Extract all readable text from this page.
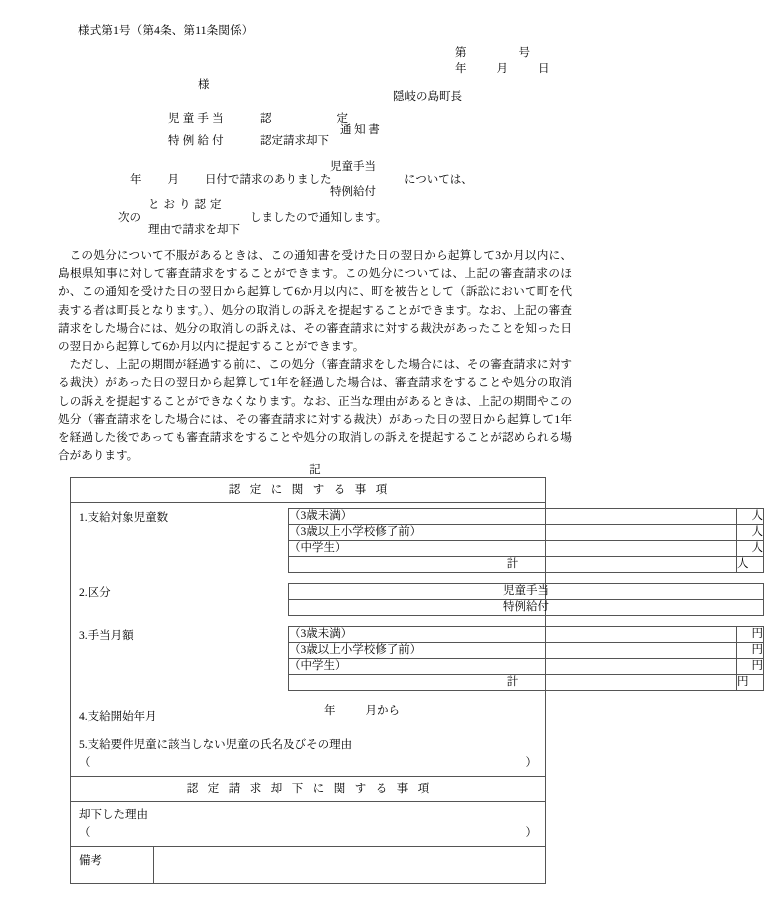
様式第1号（第4条、第11条関係）
第	号
年	月	日
様
隠岐の島町長
児童手当
特例給付
認　　定
認定請求却下
通知書
年 月 日付で請求のありました
児童手当
特例給付
については、
次の
とおり認定
理由で請求を却下
しましたので通知します。

この処分について不服があるときは、この通知書を受けた日の翌日から起算して3か月以内に、島根県知事に対して審査請求をすることができます。この処分については、上記の審査請求のほか、この通知を受けた日の翌日から起算して6か月以内に、町を被告として（訴訟において町を代表する者は町長となります。）、処分の取消しの訴えを提起することができます。なお、上記の審査請求をした場合には、処分の取消しの訴えは、その審査請求に対する裁決があったことを知った日の翌日から起算して6か月以内に提起することができます。

ただし、上記の期間が経過する前に、この処分（審査請求をした場合には、その審査請求に対する裁決）があった日の翌日から起算して1年を経過した場合は、審査請求をすることや処分の取消しの訴えを提起することができなくなります。なお、正当な理由があるときは、上記の期間やこの処分（審査請求をした場合には、その審査請求に対する裁決）があった日の翌日から起算して1年を経過した後であっても審査請求をすることや処分の取消しの訴えを提起することが認められる場合があります。

記
認定に関する事項

1.支給対象児童数	（3歳未満）	人
（3歳以上小学校修了前）	人
（中学生）	人
計	人
2.区分	児童手当
特例給付
3.手当月額	（3歳未満）	円
（3歳以上小学校修了前）	円
（中学生）	円
計	円
4.支給開始年月	年	月から
5.支給要件児童に該当しない児童の氏名及びその理由
（	）

認定請求却下に関する事項

却下した理由
（	）

備考	
